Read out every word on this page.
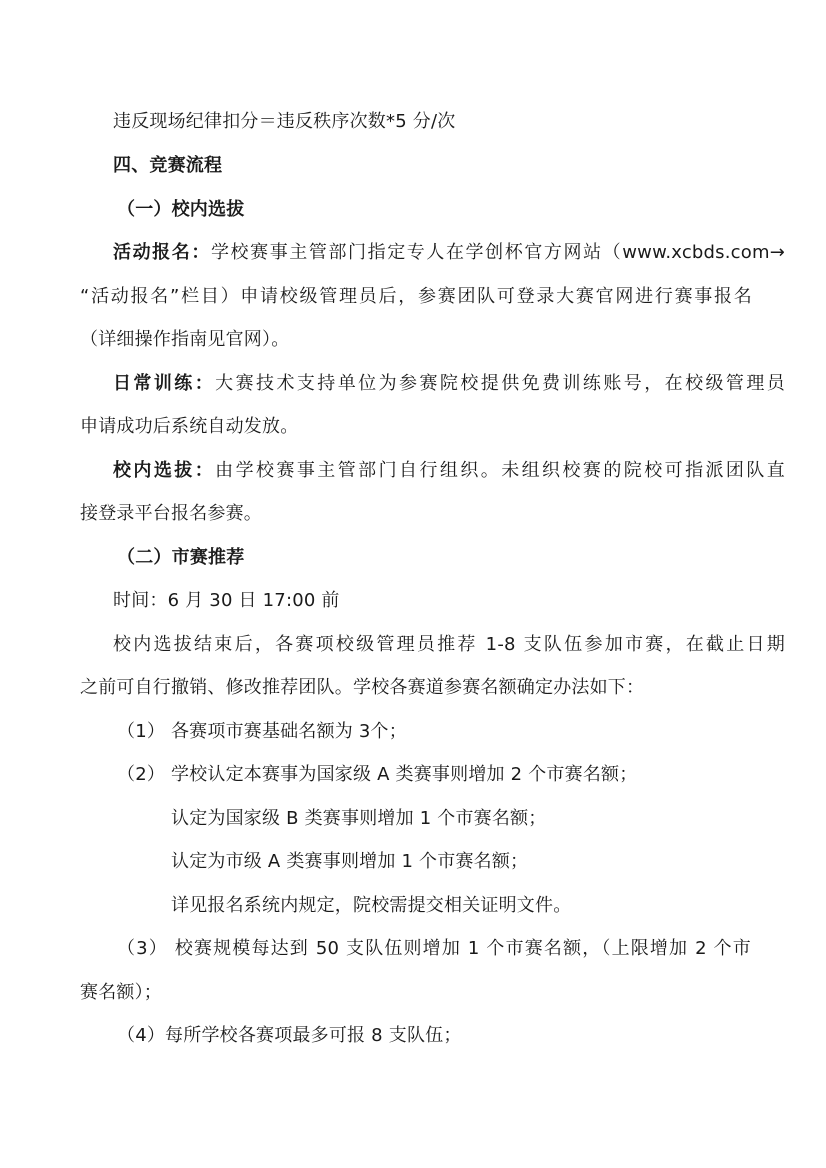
违反现场纪律扣分＝违反秩序次数*5 分/次
四、竞赛流程
（一）校内选拔
活动报名：学校赛事主管部门指定专人在学创杯官方网站（www.xcbds.com→
“活动报名”栏目）申请校级管理员后，参赛团队可登录大赛官网进行赛事报名
（详细操作指南见官网）。
日常训练：大赛技术支持单位为参赛院校提供免费训练账号，在校级管理员
申请成功后系统自动发放。
校内选拔：由学校赛事主管部门自行组织。未组织校赛的院校可指派团队直
接登录平台报名参赛。
（二）市赛推荐
时间：6 月 30 日 17:00 前
校内选拔结束后，各赛项校级管理员推荐 1-8 支队伍参加市赛，在截止日期
之前可自行撤销、修改推荐团队。学校各赛道参赛名额确定办法如下：
（1） 各赛项市赛基础名额为 3个；
（2） 学校认定本赛事为国家级 A 类赛事则增加 2 个市赛名额；
认定为国家级 B 类赛事则增加 1 个市赛名额；
认定为市级 A 类赛事则增加 1 个市赛名额；
详见报名系统内规定，院校需提交相关证明文件。
（3） 校赛规模每达到 50 支队伍则增加 1 个市赛名额，（上限增加 2 个市
赛名额）；
（4）每所学校各赛项最多可报 8 支队伍；
